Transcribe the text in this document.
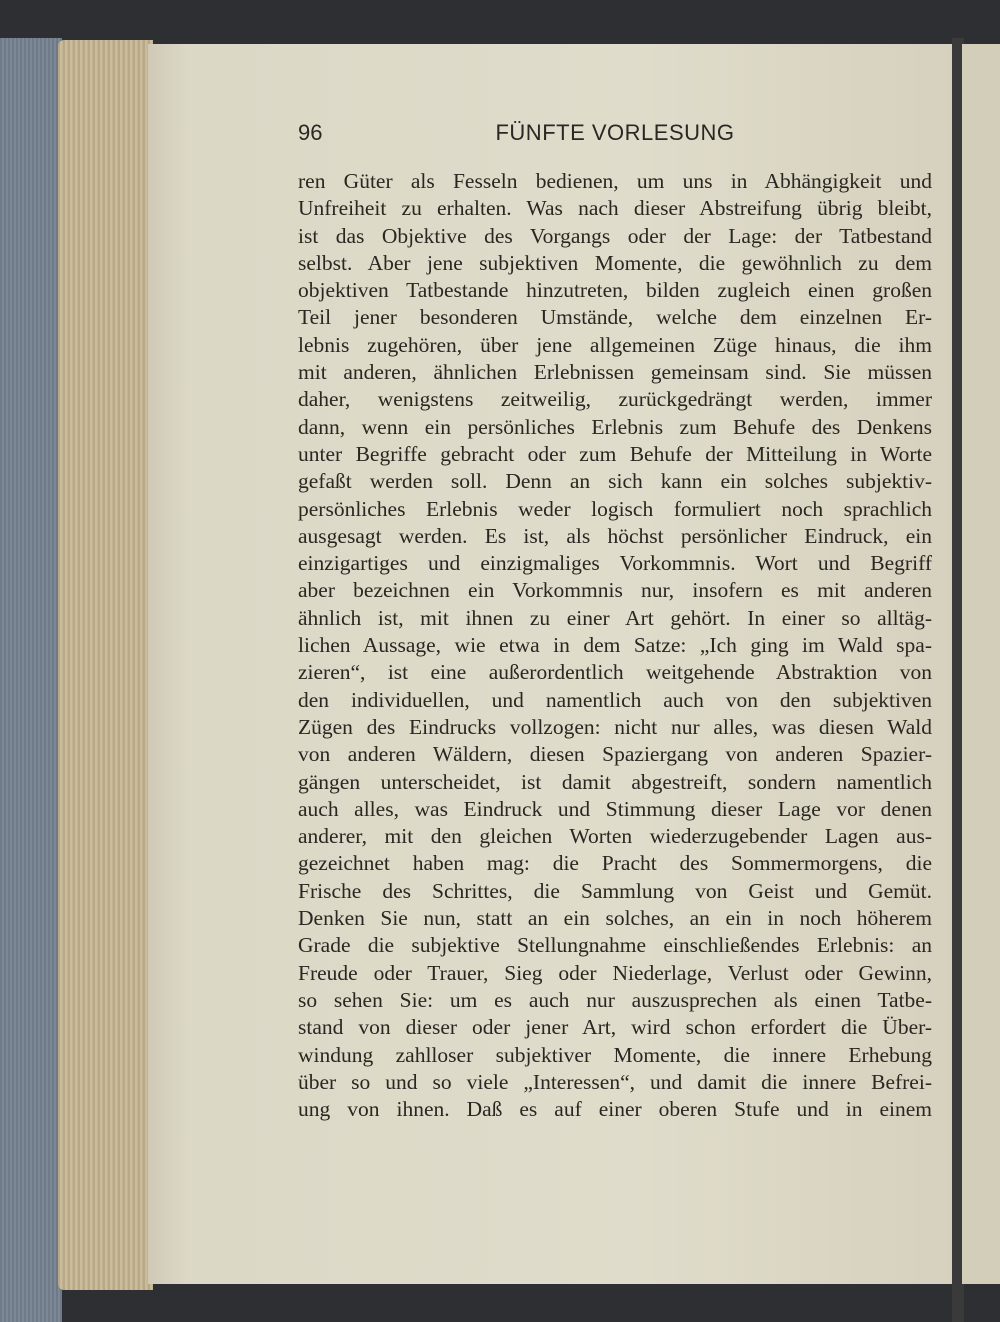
96	FÜNFTE VORLESUNG
ren Güter als Fesseln bedienen, um uns in Abhängigkeit und
Unfreiheit zu erhalten. Was nach dieser Abstreifung übrig bleibt,
ist das Objektive des Vorgangs oder der Lage: der Tatbestand
selbst. Aber jene subjektiven Momente, die gewöhnlich zu dem
objektiven Tatbestande hinzutreten, bilden zugleich einen großen
Teil jener besonderen Umstände, welche dem einzelnen Er-
lebnis zugehören, über jene allgemeinen Züge hinaus, die ihm
mit anderen, ähnlichen Erlebnissen gemeinsam sind. Sie müssen
daher, wenigstens zeitweilig, zurückgedrängt werden, immer
dann, wenn ein persönliches Erlebnis zum Behufe des Denkens
unter Begriffe gebracht oder zum Behufe der Mitteilung in Worte
gefaßt werden soll. Denn an sich kann ein solches subjektiv-
persönliches Erlebnis weder logisch formuliert noch sprachlich
ausgesagt werden. Es ist, als höchst persönlicher Eindruck, ein
einzigartiges und einzigmaliges Vorkommnis. Wort und Begriff
aber bezeichnen ein Vorkommnis nur, insofern es mit anderen
ähnlich ist, mit ihnen zu einer Art gehört. In einer so alltäg-
lichen Aussage, wie etwa in dem Satze: „Ich ging im Wald spa-
zieren“, ist eine außerordentlich weitgehende Abstraktion von
den individuellen, und namentlich auch von den subjektiven
Zügen des Eindrucks vollzogen: nicht nur alles, was diesen Wald
von anderen Wäldern, diesen Spaziergang von anderen Spazier-
gängen unterscheidet, ist damit abgestreift, sondern namentlich
auch alles, was Eindruck und Stimmung dieser Lage vor denen
anderer, mit den gleichen Worten wiederzugebender Lagen aus-
gezeichnet haben mag: die Pracht des Sommermorgens, die
Frische des Schrittes, die Sammlung von Geist und Gemüt.
Denken Sie nun, statt an ein solches, an ein in noch höherem
Grade die subjektive Stellungnahme einschließendes Erlebnis: an
Freude oder Trauer, Sieg oder Niederlage, Verlust oder Gewinn,
so sehen Sie: um es auch nur auszusprechen als einen Tatbe-
stand von dieser oder jener Art, wird schon erfordert die Über-
windung zahlloser subjektiver Momente, die innere Erhebung
über so und so viele „Interessen“, und damit die innere Befrei-
ung von ihnen. Daß es auf einer oberen Stufe und in einem
